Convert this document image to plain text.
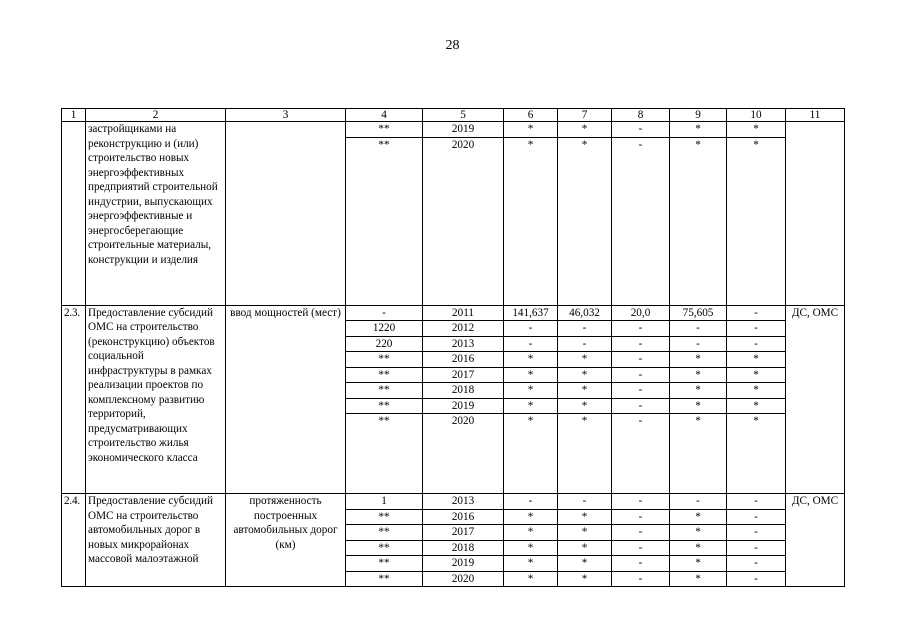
28
1	2	3	4	5	6	7	8	9	10	11
	застройщиками на реконструкцию и (или) строительство новых энергоэффективных предприятий строительной индустрии, выпускающих энергоэффективные и энергосберегающие строительные материалы, конструкции и изделия		**	2019	*	*	-	*	*	
			**	2020	*	*	-	*	*	
2.3.	Предоставление субсидий ОМС на строительство (реконструкцию) объектов социальной инфраструктуры в рамках реализации проектов по комплексному развитию территорий, предусматривающих строительство жилья экономического класса	ввод мощностей (мест)	-	2011	141,637	46,032	20,0	75,605	-	ДС, ОМС
			1220	2012	-	-	-	-	-	
			220	2013	-	-	-	-	-	
			**	2016	*	*	-	*	*	
			**	2017	*	*	-	*	*	
			**	2018	*	*	-	*	*	
			**	2019	*	*	-	*	*	
			**	2020	*	*	-	*	*	
2.4.	Предоставление субсидий ОМС на строительство автомобильных дорог в новых микрорайонах массовой малоэтажной	протяженность построенных автомобильных дорог (км)	1	2013	-	-	-	-	-	ДС, ОМС
			**	2016	*	*	-	*	-	
			**	2017	*	*	-	*	-	
			**	2018	*	*	-	*	-	
			**	2019	*	*	-	*	-	
			**	2020	*	*	-	*	-	
